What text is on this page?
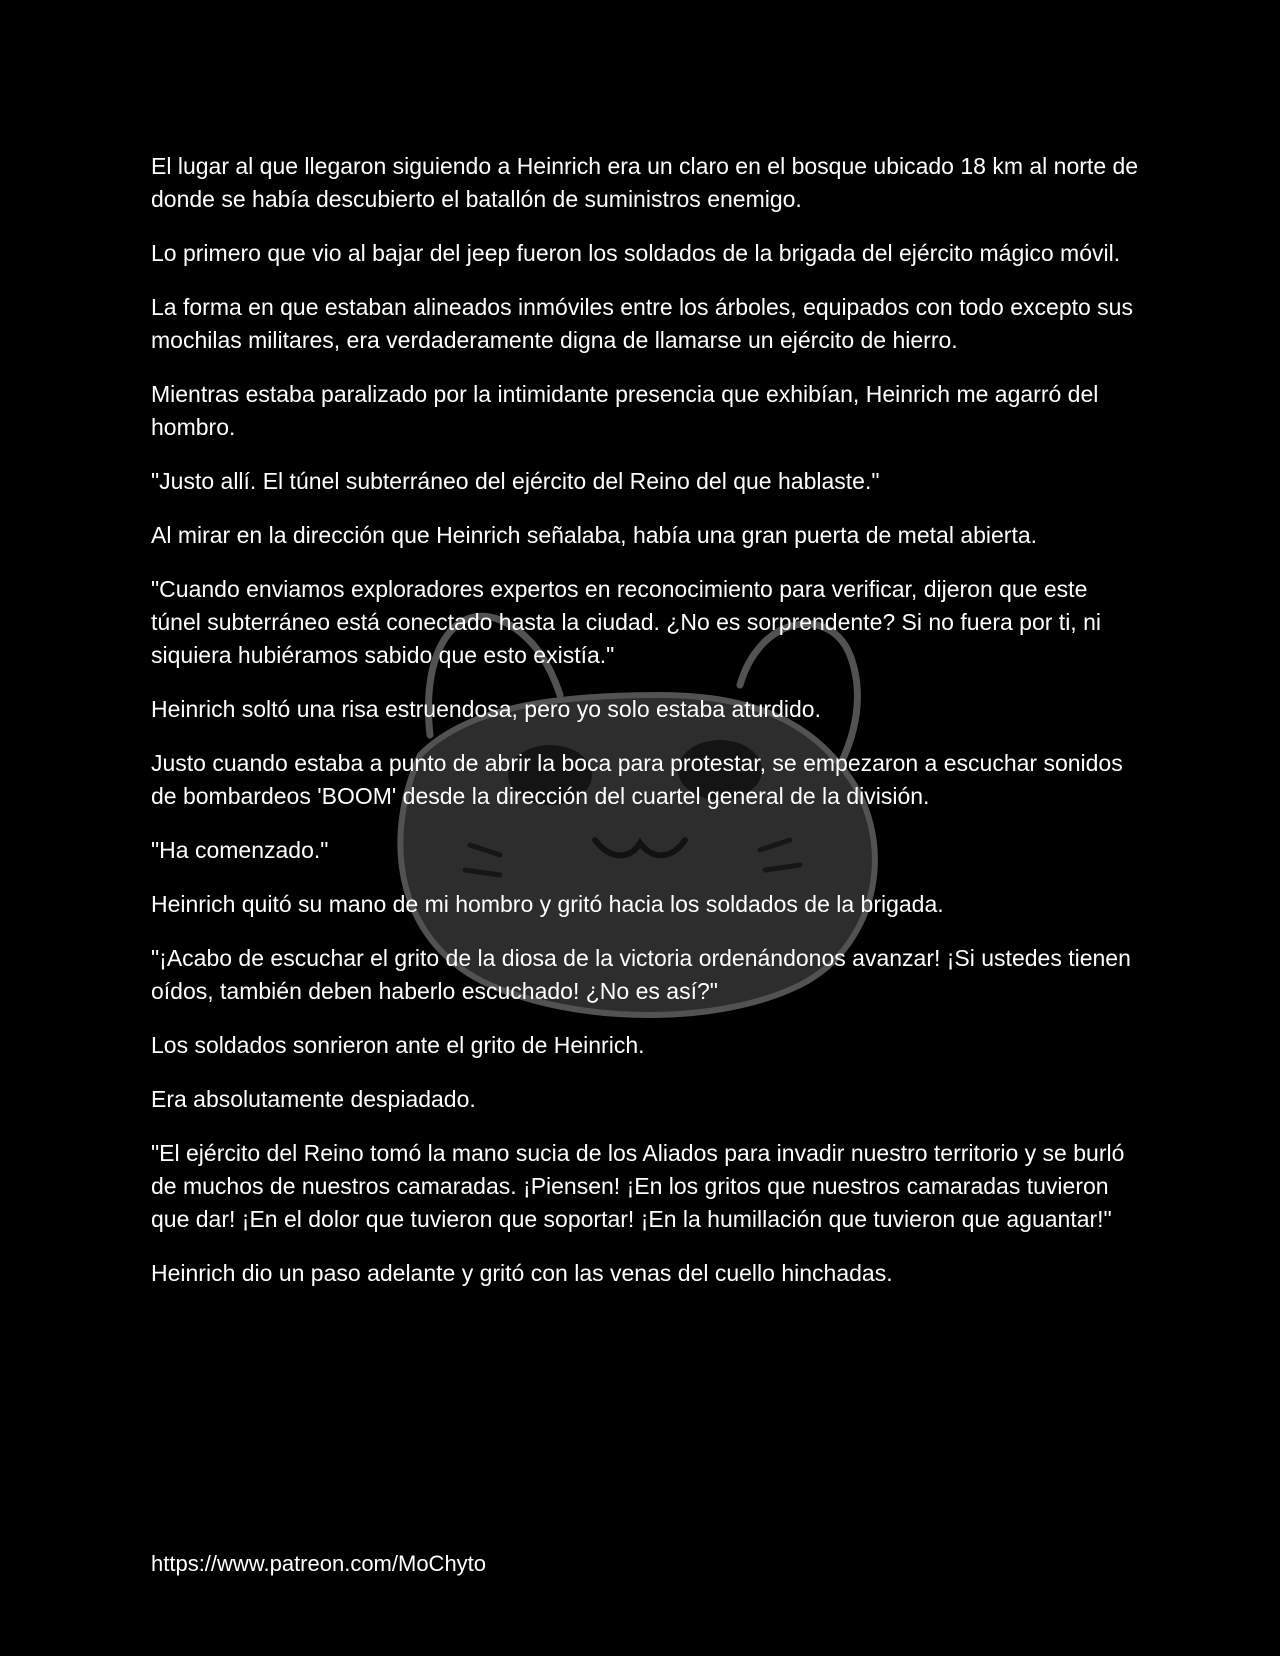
El lugar al que llegaron siguiendo a Heinrich era un claro en el bosque ubicado 18 km al norte de donde se había descubierto el batallón de suministros enemigo.

Lo primero que vio al bajar del jeep fueron los soldados de la brigada del ejército mágico móvil.

La forma en que estaban alineados inmóviles entre los árboles, equipados con todo excepto sus mochilas militares, era verdaderamente digna de llamarse un ejército de hierro.

Mientras estaba paralizado por la intimidante presencia que exhibían, Heinrich me agarró del hombro.

"Justo allí. El túnel subterráneo del ejército del Reino del que hablaste."

Al mirar en la dirección que Heinrich señalaba, había una gran puerta de metal abierta.

"Cuando enviamos exploradores expertos en reconocimiento para verificar, dijeron que este túnel subterráneo está conectado hasta la ciudad. ¿No es sorprendente? Si no fuera por ti, ni siquiera hubiéramos sabido que esto existía."

Heinrich soltó una risa estruendosa, pero yo solo estaba aturdido.

Justo cuando estaba a punto de abrir la boca para protestar, se empezaron a escuchar sonidos de bombardeos 'BOOM' desde la dirección del cuartel general de la división.

"Ha comenzado."

Heinrich quitó su mano de mi hombro y gritó hacia los soldados de la brigada.

"¡Acabo de escuchar el grito de la diosa de la victoria ordenándonos avanzar! ¡Si ustedes tienen oídos, también deben haberlo escuchado! ¿No es así?"

Los soldados sonrieron ante el grito de Heinrich.

Era absolutamente despiadado.

"El ejército del Reino tomó la mano sucia de los Aliados para invadir nuestro territorio y se burló de muchos de nuestros camaradas. ¡Piensen! ¡En los gritos que nuestros camaradas tuvieron que dar! ¡En el dolor que tuvieron que soportar! ¡En la humillación que tuvieron que aguantar!"

Heinrich dio un paso adelante y gritó con las venas del cuello hinchadas.

https://www.patreon.com/MoChyto
